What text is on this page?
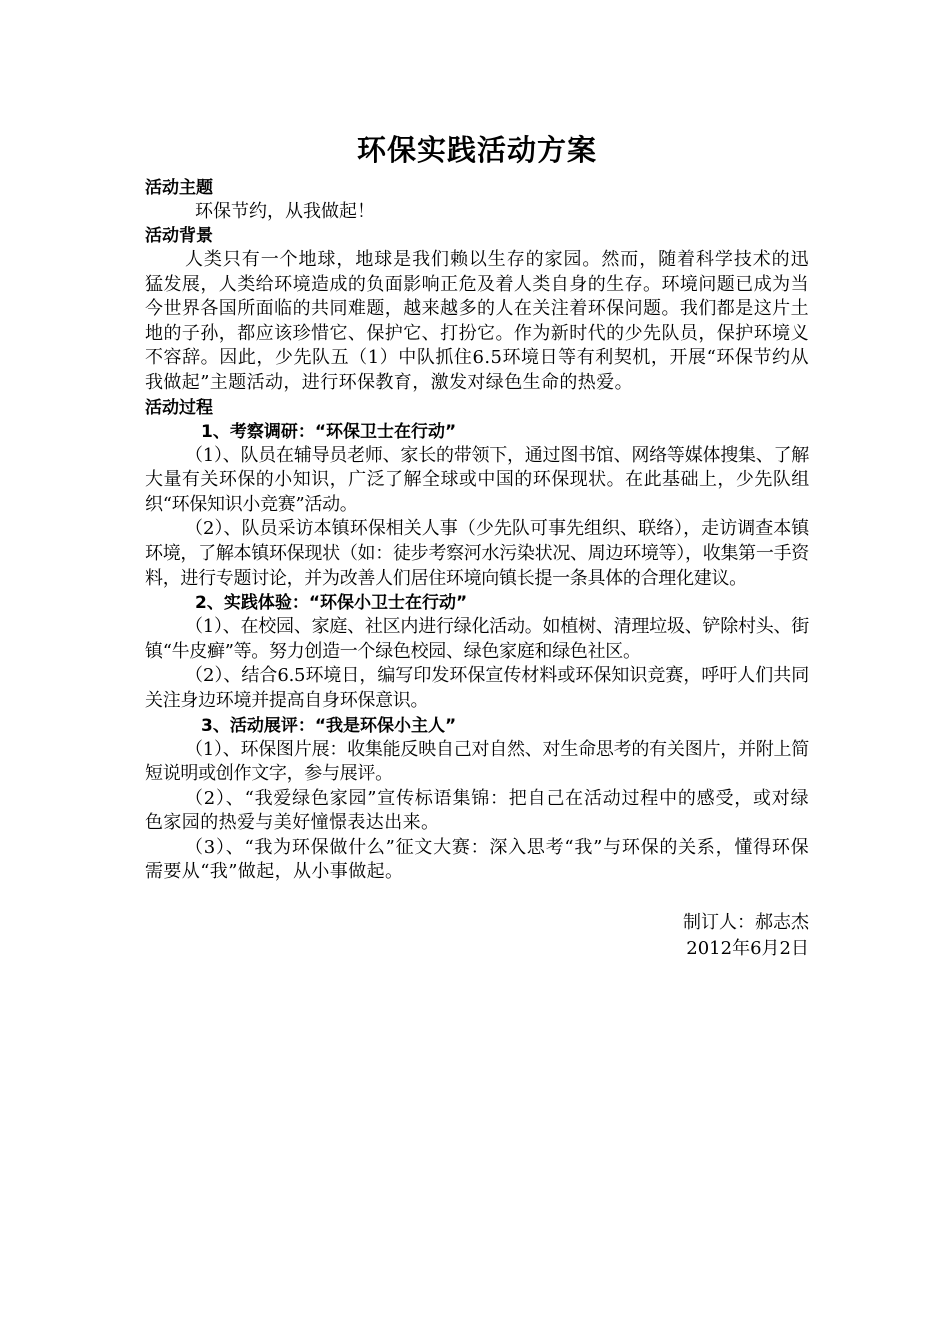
环保实践活动方案
活动主题
环保节约，从我做起！
活动背景

人类只有一个地球，地球是我们赖以生存的家园。然而，随着科学技术的迅猛发展，人类给环境造成的负面影响正危及着人类自身的生存。环境问题已成为当今世界各国所面临的共同难题，越来越多的人在关注着环保问题。我们都是这片土地的子孙，都应该珍惜它、保护它、打扮它。作为新时代的少先队员，保护环境义不容辞。因此，少先队五（1）中队抓住6.5环境日等有利契机，开展“环保节约从我做起”主题活动，进行环保教育，激发对绿色生命的热爱。

活动过程
1、考察调研：“环保卫士在行动”

（1）、队员在辅导员老师、家长的带领下，通过图书馆、网络等媒体搜集、了解大量有关环保的小知识，广泛了解全球或中国的环保现状。在此基础上，少先队组织“环保知识小竞赛”活动。

（2）、队员采访本镇环保相关人事（少先队可事先组织、联络），走访调查本镇环境，了解本镇环保现状（如：徒步考察河水污染状况、周边环境等），收集第一手资料，进行专题讨论，并为改善人们居住环境向镇长提一条具体的合理化建议。

2、实践体验：“环保小卫士在行动”

（1）、在校园、家庭、社区内进行绿化活动。如植树、清理垃圾、铲除村头、街镇“牛皮癣”等。努力创造一个绿色校园、绿色家庭和绿色社区。

（2）、结合6.5环境日，编写印发环保宣传材料或环保知识竞赛，呼吁人们共同关注身边环境并提高自身环保意识。

3、活动展评：“我是环保小主人”

（1）、环保图片展：收集能反映自己对自然、对生命思考的有关图片，并附上简短说明或创作文字，参与展评。

（2）、“我爱绿色家园”宣传标语集锦：把自己在活动过程中的感受，或对绿色家园的热爱与美好憧憬表达出来。

（3）、“我为环保做什么”征文大赛：深入思考“我”与环保的关系，懂得环保需要从“我”做起，从小事做起。

制订人：郝志杰
2012年6月2日
